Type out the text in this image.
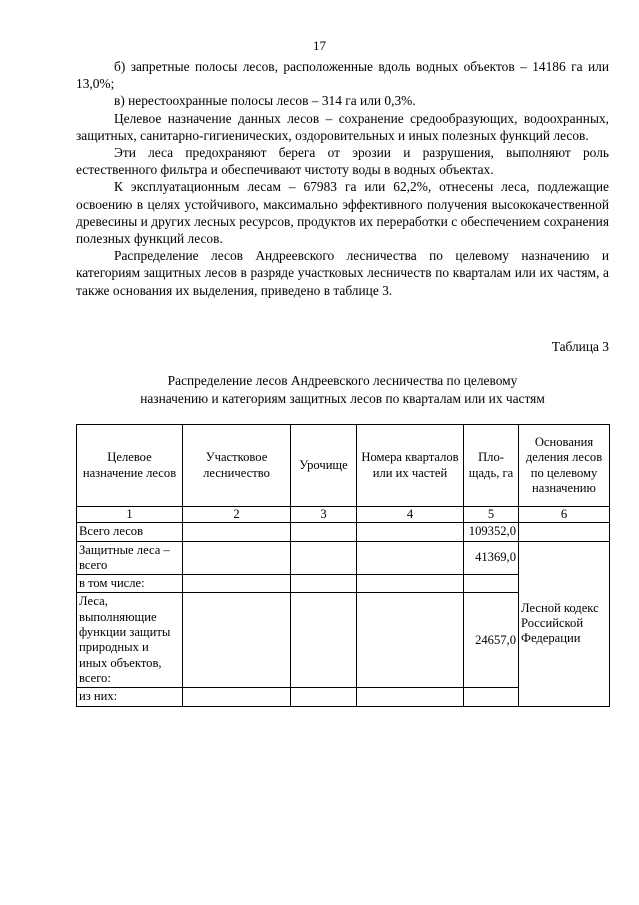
17

б) запретные полосы лесов, расположенные вдоль водных объектов – 14186 га или 13,0%;

в) нерестоохранные полосы лесов – 314 га или 0,3%.

Целевое назначение данных лесов – сохранение средообразующих, водоохранных, защитных, санитарно-гигиенических, оздоровительных и иных полезных функций лесов.

Эти леса предохраняют берега от эрозии и разрушения, выполняют роль естественного фильтра и обеспечивают чистоту воды в водных объектах.

К эксплуатационным лесам – 67983 га или 62,2%, отнесены леса, подлежащие освоению в целях устойчивого, максимально эффективного получения высококачественной древесины и других лесных ресурсов, продуктов их переработки с обеспечением сохранения полезных функций лесов.

Распределение лесов Андреевского лесничества по целевому назначению и категориям защитных лесов в разряде участковых лесничеств по кварталам или их частям, а также основания их выделения, приведено в таблице 3.

Таблица 3
Распределение лесов Андреевского лесничества по целевому
назначению и категориям защитных лесов по кварталам или их частям
Целевое назначение лесов	Участковое лесничество	Урочище	Номера кварталов или их частей	Пло-щадь, га	Основания деления лесов по целевому назначению	
1	2	3	4	5	6	
Всего лесов				109352,0		
Защитные леса – всего				41369,0	Лесной кодекс Российской Федерации	
в том числе:						
Леса, выполняющие функции защиты природных и иных объектов, всего:				24657,0		
из них:						
